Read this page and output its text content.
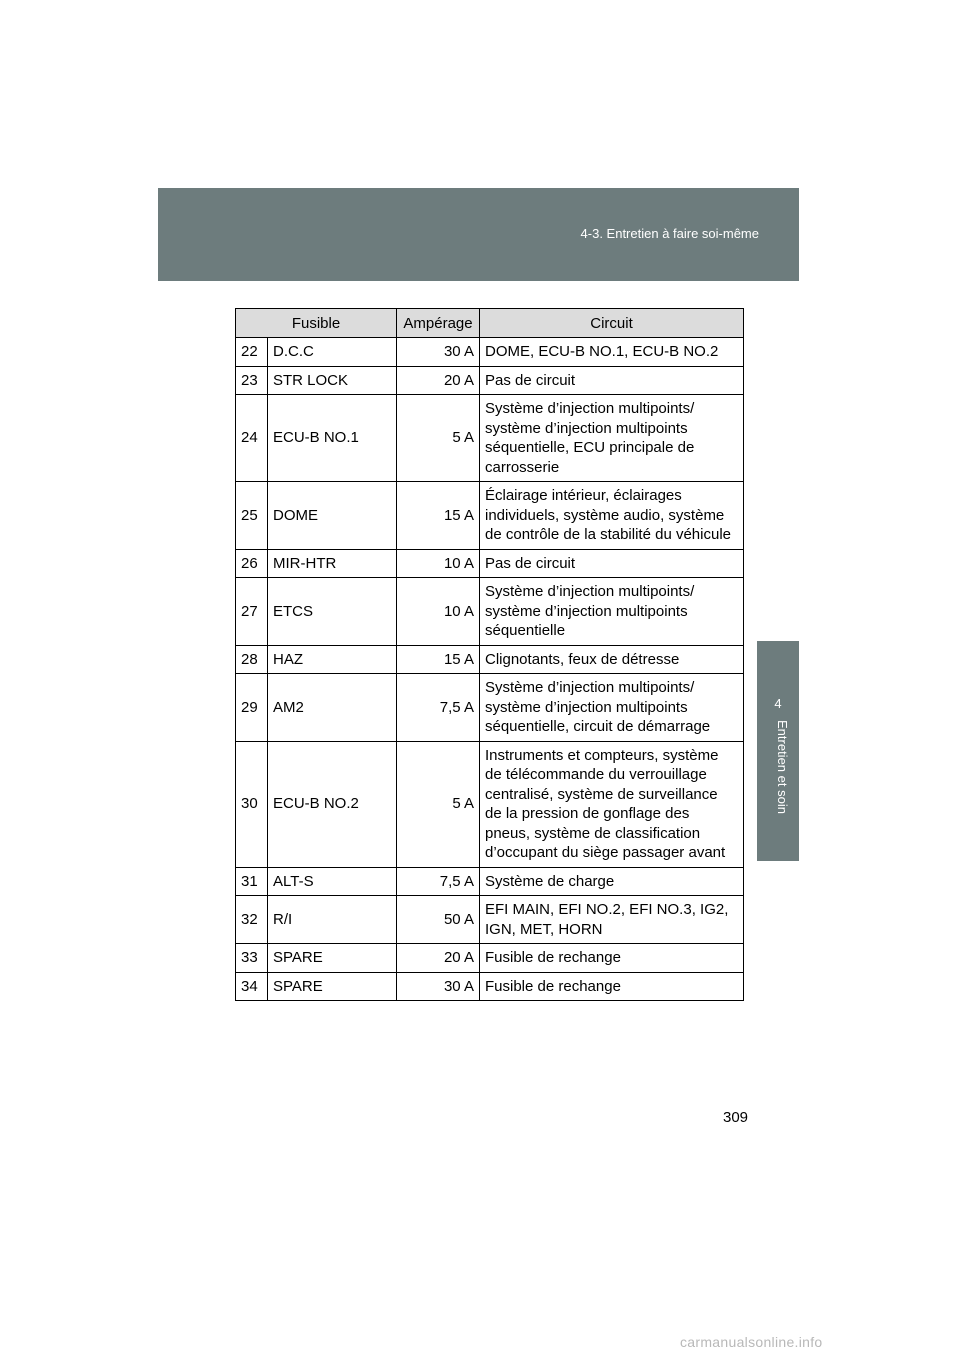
4-3. Entretien à faire soi-même
4
Entretien et soin
Fusible		Ampérage	Circuit
22	D.C.C	30 A	DOME, ECU-B NO.1, ECU-B NO.2
23	STR LOCK	20 A	Pas de circuit
24	ECU-B NO.1	5 A	Système d’injection multipoints/ système d’injection multipoints séquentielle, ECU principale de carrosserie
25	DOME	15 A	Éclairage intérieur, éclairages individuels, système audio, système de contrôle de la stabilité du véhicule
26	MIR-HTR	10 A	Pas de circuit
27	ETCS	10 A	Système d’injection multipoints/ système d’injection multipoints séquentielle
28	HAZ	15 A	Clignotants, feux de détresse
29	AM2	7,5 A	Système d’injection multipoints/ système d’injection multipoints séquentielle, circuit de démarrage
30	ECU-B NO.2	5 A	Instruments et compteurs, système de télécommande du verrouillage centralisé, système de surveillance de la pression de gonflage des pneus, système de classification d’occupant du siège passager avant
31	ALT-S	7,5 A	Système de charge
32	R/I	50 A	EFI MAIN, EFI NO.2, EFI NO.3, IG2, IGN, MET, HORN
33	SPARE	20 A	Fusible de rechange
34	SPARE	30 A	Fusible de rechange
309
carmanualsonline.info
